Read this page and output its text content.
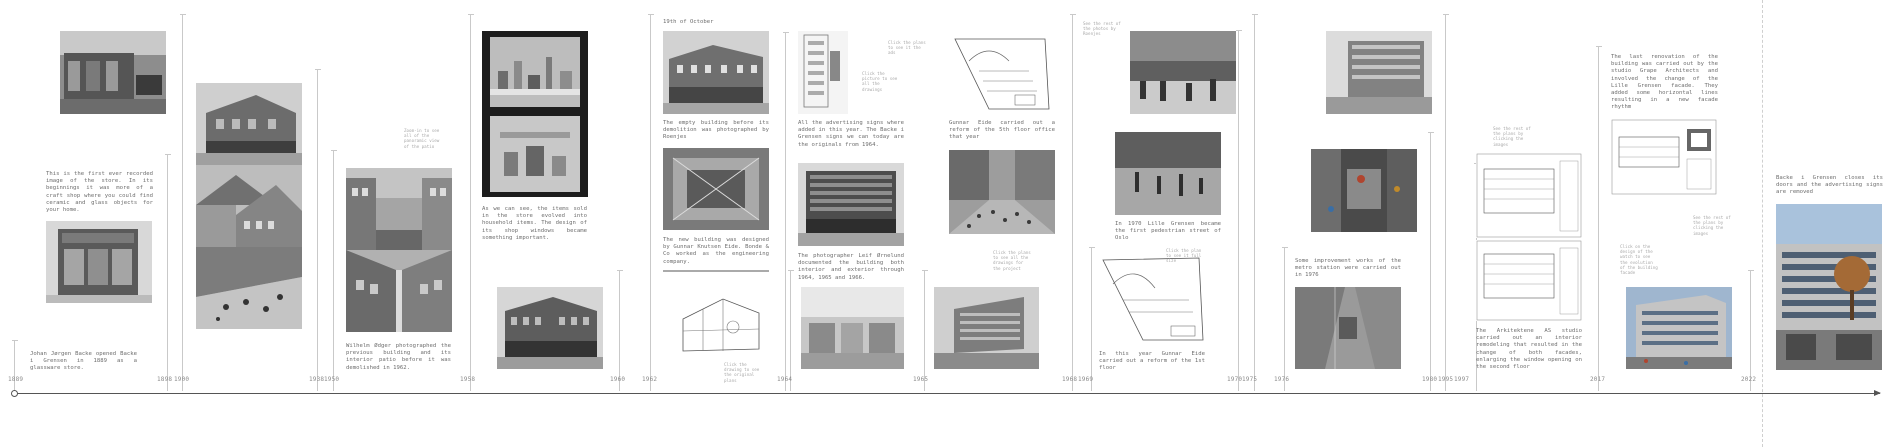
1889	1898 1900	1938 1950	1958	1960	1962	1964	1965	1968 1969	1970 1975	1976	1980 1995 1997	2017	2022
This is the first ever recorded image of the store. In its beginnings it was more of a craft shop where you could find ceramic and glass objects for your home.
Johan Jørgen Backe opened Backe i Grensen in 1889 as a glassware store.
Zoom-in to see all of the panoramic view of the patio
Wilhelm Ødger photographed the previous building and its interior patio before it was demolished in 1962.
As we can see, the items sold in the store evolved into household items. The design of its shop windows became something important.
19th of October
The empty building before its demolition was photographed by Roenjes
The new building was designed by Gunnar Knutsen Eide. Bonde & Co worked as the engineering company.
Click the drawing to see the original plans
Click the plans to see it the ads
Click the picture to see all the drawings
All the advertising signs where added in this year. The Backe i Grensen signs we can today are the originals from 1964.
The photographer Leif Ørnelund documented the building both interior and exterior through 1964, 1965 and 1966.
Gunnar Eide carried out a reform of the 5th floor office that year
Click the plans to see all the drawings for the project
See the rest of the photos by Roenjes
In 1970 Lille Grensen became the first pedestrian street of Oslo
Click the plan to see it full size
In this year Gunnar Eide carried out a reform of the 1st floor
Some improvement works of the metro station were carried out in 1976
See the rest of the plans by clicking the images
The Arkitektene AS studio carried out an interior remodeling that resulted in the change of both facades, enlarging the window opening on the second floor
The last renovation of the building was carried out by the studio Grape Architects and involved the change of the Lille Grensen facade. They added some horizontal lines resulting in a new facade rhythm
See the rest of the plans by clicking the images
Click on the design of the watch to see the evolution of the building facade
Backe i Grensen closes its doors and the advertising signs are removed
